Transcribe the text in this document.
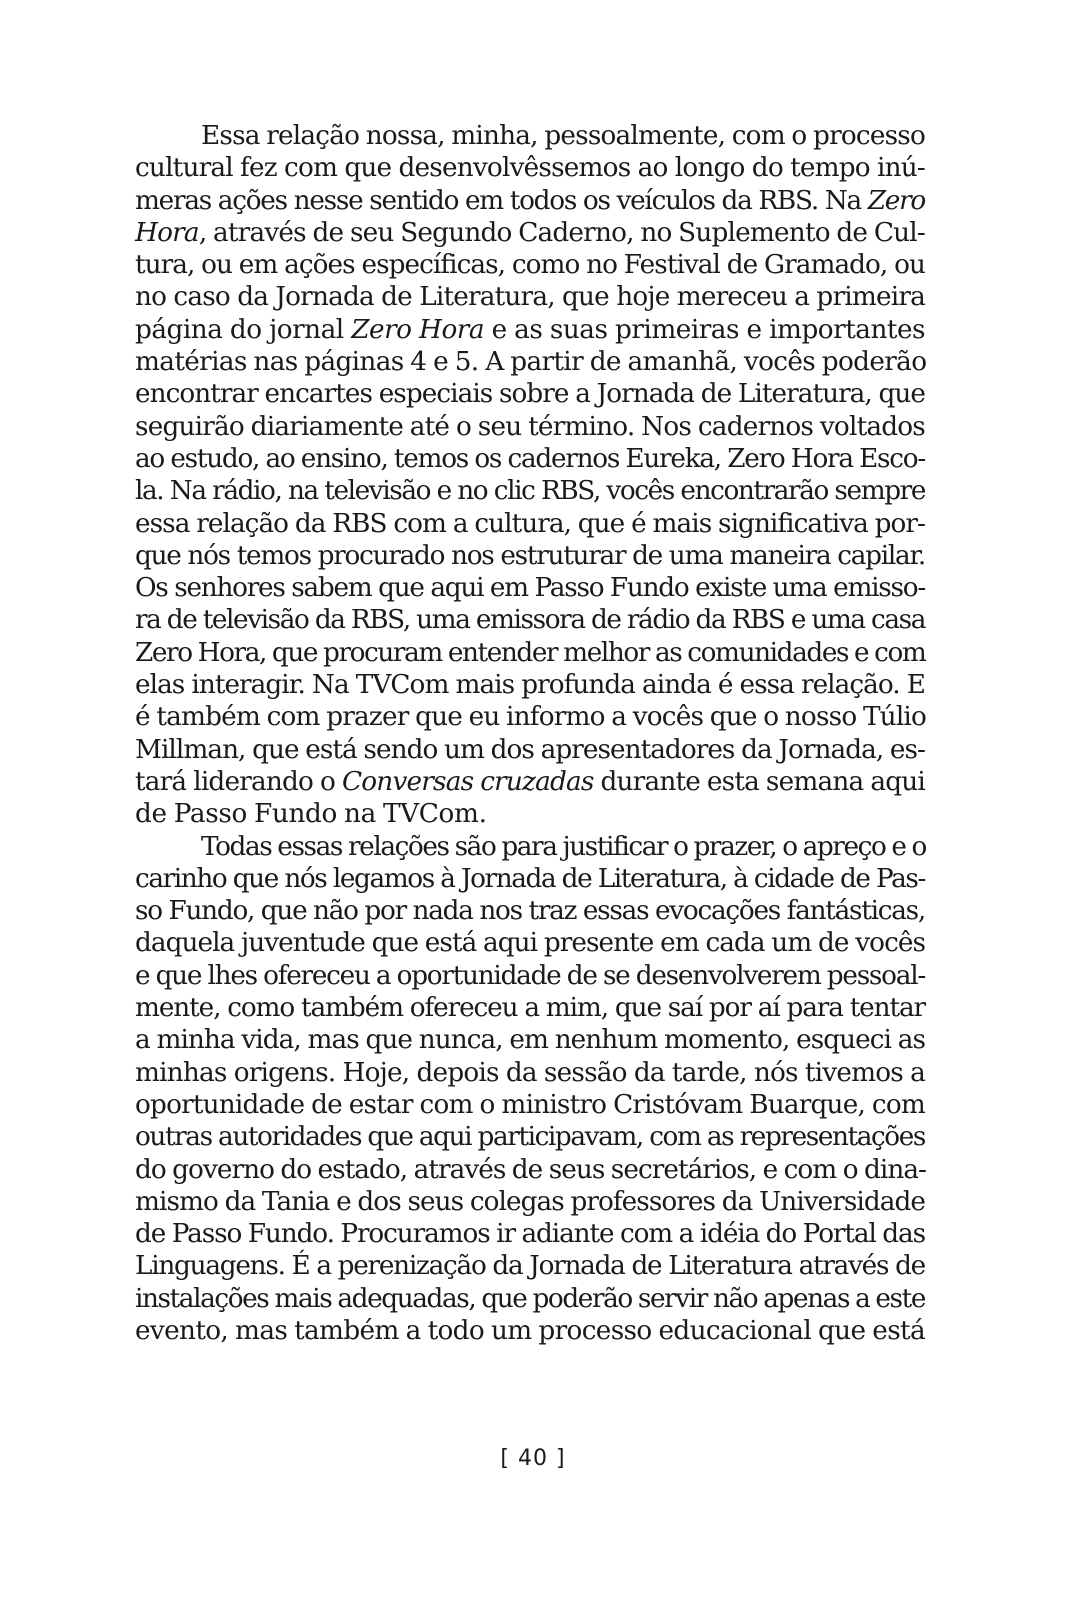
Essa relação nossa, minha, pessoalmente, com o processo
cultural fez com que desenvolvêssemos ao longo do tempo inú-
meras ações nesse sentido em todos os veículos da RBS. Na Zero
Hora, através de seu Segundo Caderno, no Suplemento de Cul-
tura, ou em ações específicas, como no Festival de Gramado, ou
no caso da Jornada de Literatura, que hoje mereceu a primeira
página do jornal Zero Hora e as suas primeiras e importantes
matérias nas páginas 4 e 5. A partir de amanhã, vocês poderão
encontrar encartes especiais sobre a Jornada de Literatura, que
seguirão diariamente até o seu término. Nos cadernos voltados
ao estudo, ao ensino, temos os cadernos Eureka, Zero Hora Esco-
la. Na rádio, na televisão e no clic RBS, vocês encontrarão sempre
essa relação da RBS com a cultura, que é mais significativa por-
que nós temos procurado nos estruturar de uma maneira capilar.
Os senhores sabem que aqui em Passo Fundo existe uma emisso-
ra de televisão da RBS, uma emissora de rádio da RBS e uma casa
Zero Hora, que procuram entender melhor as comunidades e com
elas interagir. Na TVCom mais profunda ainda é essa relação. E
é também com prazer que eu informo a vocês que o nosso Túlio
Millman, que está sendo um dos apresentadores da Jornada, es-
tará liderando o Conversas cruzadas durante esta semana aqui
de Passo Fundo na TVCom.
Todas essas relações são para justificar o prazer, o apreço e o
carinho que nós legamos à Jornada de Literatura, à cidade de Pas-
so Fundo, que não por nada nos traz essas evocações fantásticas,
daquela juventude que está aqui presente em cada um de vocês
e que lhes ofereceu a oportunidade de se desenvolverem pessoal-
mente, como também ofereceu a mim, que saí por aí para tentar
a minha vida, mas que nunca, em nenhum momento, esqueci as
minhas origens. Hoje, depois da sessão da tarde, nós tivemos a
oportunidade de estar com o ministro Cristóvam Buarque, com
outras autoridades que aqui participavam, com as representações
do governo do estado, através de seus secretários, e com o dina-
mismo da Tania e dos seus colegas professores da Universidade
de Passo Fundo. Procuramos ir adiante com a idéia do Portal das
Linguagens. É a perenização da Jornada de Literatura através de
instalações mais adequadas, que poderão servir não apenas a este
evento, mas também a todo um processo educacional que está
[ 40 ]
